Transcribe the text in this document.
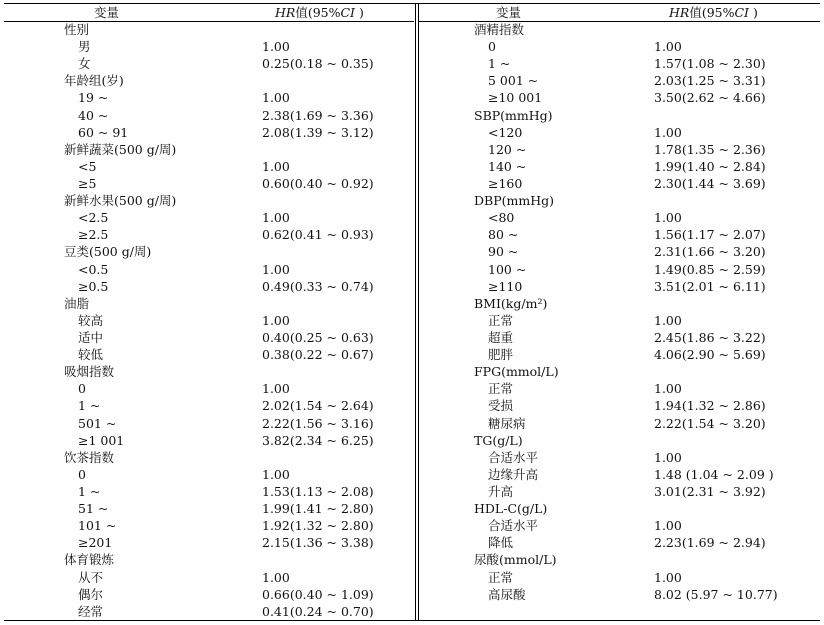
变量	HR值(95%CI )
性别
男	1.00
女	0.25(0.18 ~ 0.35)
年龄组(岁)
19 ~	1.00
40 ~	2.38(1.69 ~ 3.36)
60 ~ 91	2.08(1.39 ~ 3.12)
新鲜蔬菜(500 g/周)
<5	1.00
≥5	0.60(0.40 ~ 0.92)
新鲜水果(500 g/周)
<2.5	1.00
≥2.5	0.62(0.41 ~ 0.93)
豆类(500 g/周)
<0.5	1.00
≥0.5	0.49(0.33 ~ 0.74)
油脂
较高	1.00
适中	0.40(0.25 ~ 0.63)
较低	0.38(0.22 ~ 0.67)
吸烟指数
0	1.00
1 ~	2.02(1.54 ~ 2.64)
501 ~	2.22(1.56 ~ 3.16)
≥1 001	3.82(2.34 ~ 6.25)
饮茶指数
0	1.00
1 ~	1.53(1.13 ~ 2.08)
51 ~	1.99(1.41 ~ 2.80)
101 ~	1.92(1.32 ~ 2.80)
≥201	2.15(1.36 ~ 3.38)
体育锻炼
从不	1.00
偶尔	0.66(0.40 ~ 1.09)
经常	0.41(0.24 ~ 0.70)
变量	HR值(95%CI )
酒精指数
0	1.00
1 ~	1.57(1.08 ~ 2.30)
5 001 ~	2.03(1.25 ~ 3.31)
≥10 001	3.50(2.62 ~ 4.66)
SBP(mmHg)
<120	1.00
120 ~	1.78(1.35 ~ 2.36)
140 ~	1.99(1.40 ~ 2.84)
≥160	2.30(1.44 ~ 3.69)
DBP(mmHg)
<80	1.00
80 ~	1.56(1.17 ~ 2.07)
90 ~	2.31(1.66 ~ 3.20)
100 ~	1.49(0.85 ~ 2.59)
≥110	3.51(2.01 ~ 6.11)
BMI(kg/m²)
正常	1.00
超重	2.45(1.86 ~ 3.22)
肥胖	4.06(2.90 ~ 5.69)
FPG(mmol/L)
正常	1.00
受损	1.94(1.32 ~ 2.86)
糖尿病	2.22(1.54 ~ 3.20)
TG(g/L)
合适水平	1.00
边缘升高	1.48 (1.04 ~ 2.09 )
升高	3.01(2.31 ~ 3.92)
HDL-C(g/L)
合适水平	1.00
降低	2.23(1.69 ~ 2.94)
尿酸(mmol/L)
正常	1.00
高尿酸	8.02 (5.97 ~ 10.77)
